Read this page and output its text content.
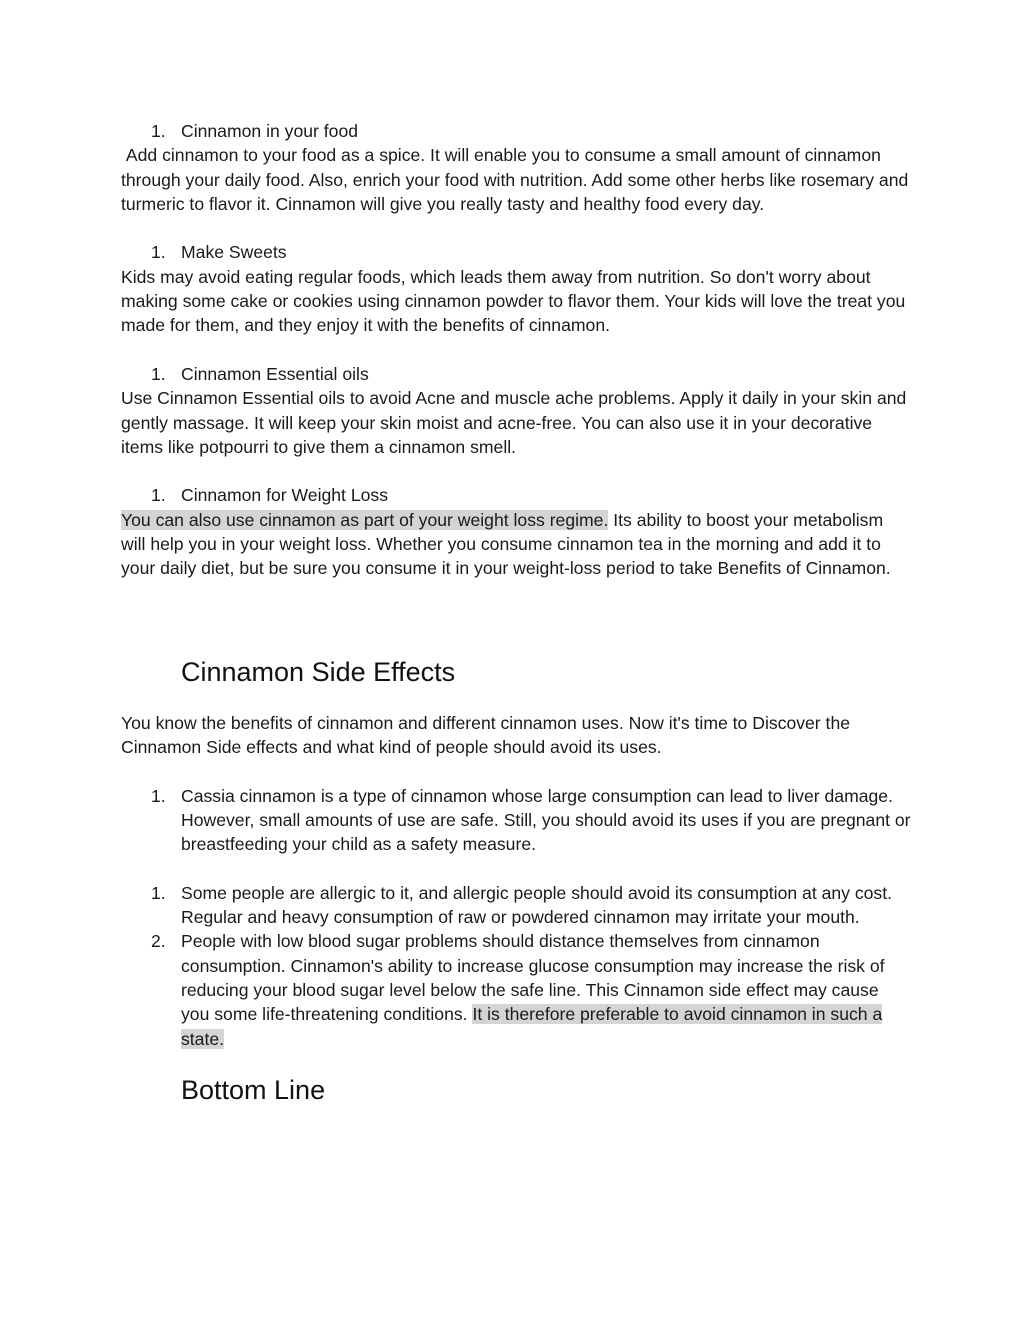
1. Cinnamon in your food

Add cinnamon to your food as a spice. It will enable you to consume a small amount of cinnamon through your daily food. Also, enrich your food with nutrition. Add some other herbs like rosemary and turmeric to flavor it. Cinnamon will give you really tasty and healthy food every day.

1. Make Sweets

Kids may avoid eating regular foods, which leads them away from nutrition. So don't worry about making some cake or cookies using cinnamon powder to flavor them. Your kids will love the treat you made for them, and they enjoy it with the benefits of cinnamon.

1. Cinnamon Essential oils

Use Cinnamon Essential oils to avoid Acne and muscle ache problems. Apply it daily in your skin and gently massage. It will keep your skin moist and acne-free. You can also use it in your decorative items like potpourri to give them a cinnamon smell.

1. Cinnamon for Weight Loss

You can also use cinnamon as part of your weight loss regime. Its ability to boost your metabolism will help you in your weight loss. Whether you consume cinnamon tea in the morning and add it to your daily diet, but be sure you consume it in your weight-loss period to take Benefits of Cinnamon.

Cinnamon Side Effects

You know the benefits of cinnamon and different cinnamon uses. Now it's time to Discover the Cinnamon Side effects and what kind of people should avoid its uses.

1. Cassia cinnamon is a type of cinnamon whose large consumption can lead to liver damage. However, small amounts of use are safe. Still, you should avoid its uses if you are pregnant or breastfeeding your child as a safety measure.

1. Some people are allergic to it, and allergic people should avoid its consumption at any cost. Regular and heavy consumption of raw or powdered cinnamon may irritate your mouth.

2. People with low blood sugar problems should distance themselves from cinnamon consumption. Cinnamon's ability to increase glucose consumption may increase the risk of reducing your blood sugar level below the safe line. This Cinnamon side effect may cause you some life-threatening conditions. It is therefore preferable to avoid cinnamon in such a state.

Bottom Line
